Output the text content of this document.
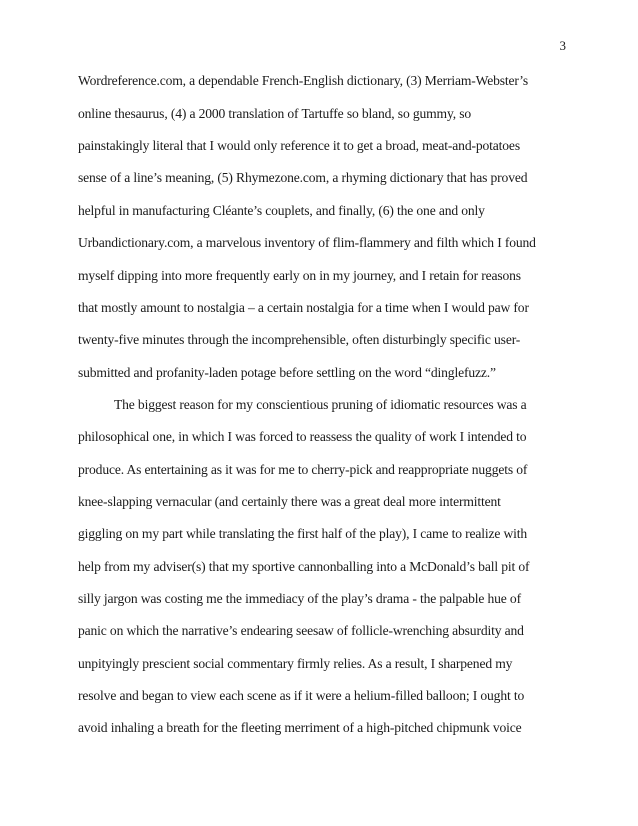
3
Wordreference.com, a dependable French-English dictionary, (3) Merriam-Webster’s
online thesaurus, (4) a 2000 translation of Tartuffe so bland, so gummy, so
painstakingly literal that I would only reference it to get a broad, meat-and-potatoes
sense of a line’s meaning, (5) Rhymezone.com, a rhyming dictionary that has proved
helpful in manufacturing Cléante’s couplets, and finally, (6) the one and only
Urbandictionary.com, a marvelous inventory of flim-flammery and filth which I found
myself dipping into more frequently early on in my journey, and I retain for reasons
that mostly amount to nostalgia – a certain nostalgia for a time when I would paw for
twenty-five minutes through the incomprehensible, often disturbingly specific user-
submitted and profanity-laden potage before settling on the word “dinglefuzz.”
The biggest reason for my conscientious pruning of idiomatic resources was a
philosophical one, in which I was forced to reassess the quality of work I intended to
produce. As entertaining as it was for me to cherry-pick and reappropriate nuggets of
knee-slapping vernacular (and certainly there was a great deal more intermittent
giggling on my part while translating the first half of the play), I came to realize with
help from my adviser(s) that my sportive cannonballing into a McDonald’s ball pit of
silly jargon was costing me the immediacy of the play’s drama - the palpable hue of
panic on which the narrative’s endearing seesaw of follicle-wrenching absurdity and
unpityingly prescient social commentary firmly relies. As a result, I sharpened my
resolve and began to view each scene as if it were a helium-filled balloon; I ought to
avoid inhaling a breath for the fleeting merriment of a high-pitched chipmunk voice
